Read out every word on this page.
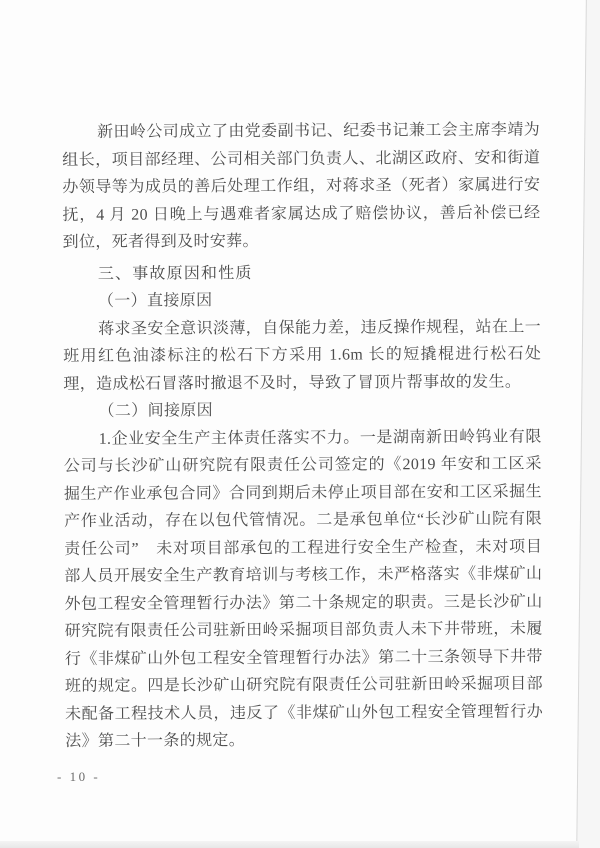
新田岭公司成立了由党委副书记、纪委书记兼工会主席李靖为组长，项目部经理、公司相关部门负责人、北湖区政府、安和街道办领导等为成员的善后处理工作组，对蒋求圣（死者）家属进行安抚，4 月 20 日晚上与遇难者家属达成了赔偿协议，善后补偿已经到位，死者得到及时安葬。

三、事故原因和性质

（一）直接原因

蒋求圣安全意识淡薄，自保能力差，违反操作规程，站在上一班用红色油漆标注的松石下方采用 1.6m 长的短撬棍进行松石处理，造成松石冒落时撤退不及时，导致了冒顶片帮事故的发生。

（二）间接原因

1.企业安全生产主体责任落实不力。一是湖南新田岭钨业有限公司与长沙矿山研究院有限责任公司签定的《2019 年安和工区采掘生产作业承包合同》合同到期后未停止项目部在安和工区采掘生产作业活动，存在以包代管情况。二是承包单位“长沙矿山院有限责任公司”　未对项目部承包的工程进行安全生产检查，未对项目部人员开展安全生产教育培训与考核工作，未严格落实《非煤矿山外包工程安全管理暂行办法》第二十条规定的职责。三是长沙矿山研究院有限责任公司驻新田岭采掘项目部负责人未下井带班，未履行《非煤矿山外包工程安全管理暂行办法》第二十三条领导下井带班的规定。四是长沙矿山研究院有限责任公司驻新田岭采掘项目部未配备工程技术人员，违反了《非煤矿山外包工程安全管理暂行办法》第二十一条的规定。

- 10 -
